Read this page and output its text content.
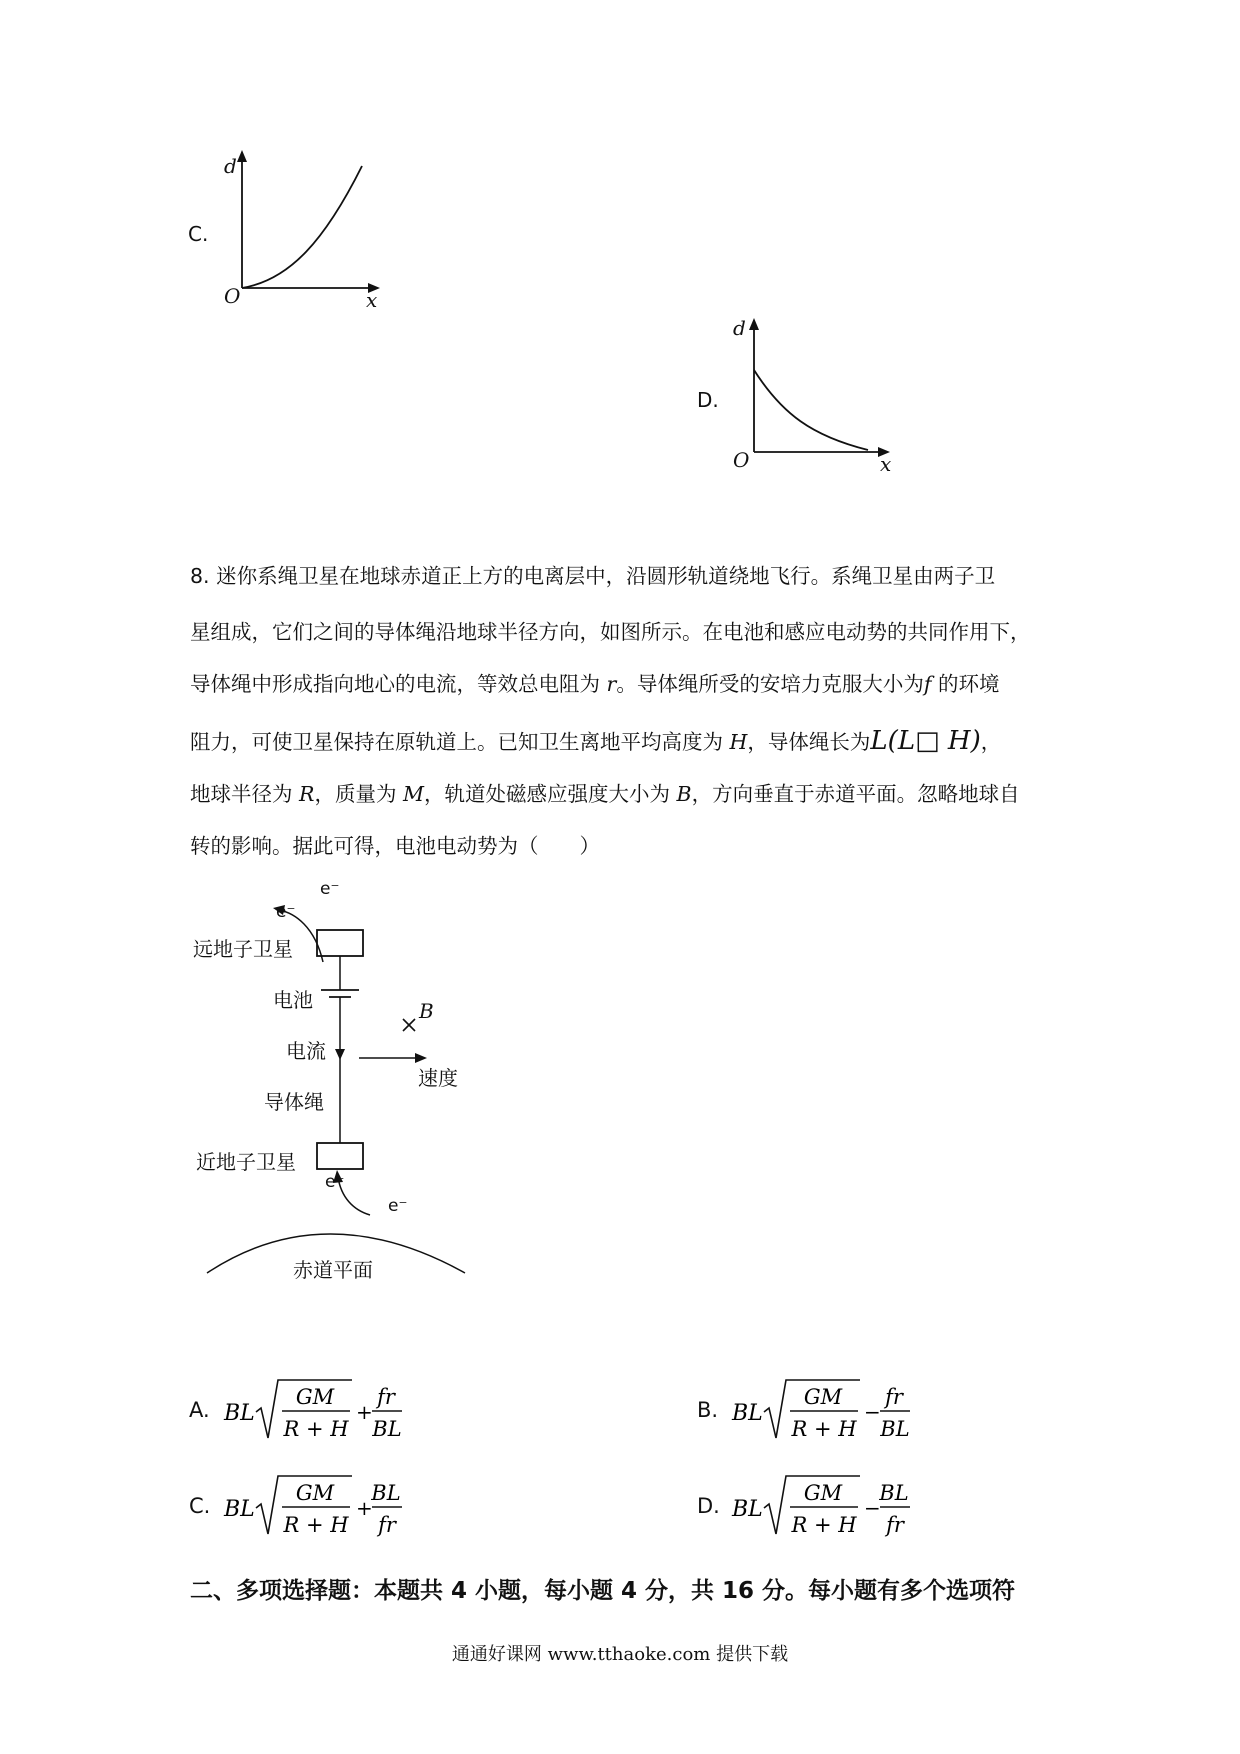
C.
d
O	x
D.
d
O	x
8. 迷你系绳卫星在地球赤道正上方的电离层中，沿圆形轨道绕地飞行。系绳卫星由两子卫
星组成，它们之间的导体绳沿地球半径方向，如图所示。在电池和感应电动势的共同作用下，
导体绳中形成指向地心的电流，等效总电阻为 r。导体绳所受的安培力克服大小为f 的环境
阻力，可使卫星保持在原轨道上。已知卫生离地平均高度为 H，导体绳长为L(L□ H)，
地球半径为 R，质量为 M，轨道处磁感应强度大小为 B，方向垂直于赤道平面。忽略地球自
转的影响。据此可得，电池电动势为（　　）
e⁻
e⁻
远地子卫星
电池
电流
导体绳
近地子卫星
e⁻
e⁻
B
速度
赤道平面
A. BL
GM
R + H
+
fr
BL
B. BL
GM
R + H
−
fr
BL
C. BL
GM
R + H
+
BL
fr
D. BL
GM
R + H
−
BL
fr
二、多项选择题：本题共 4 小题，每小题 4 分，共 16 分。每小题有多个选项符
通通好课网 www.tthaoke.com 提供下载
